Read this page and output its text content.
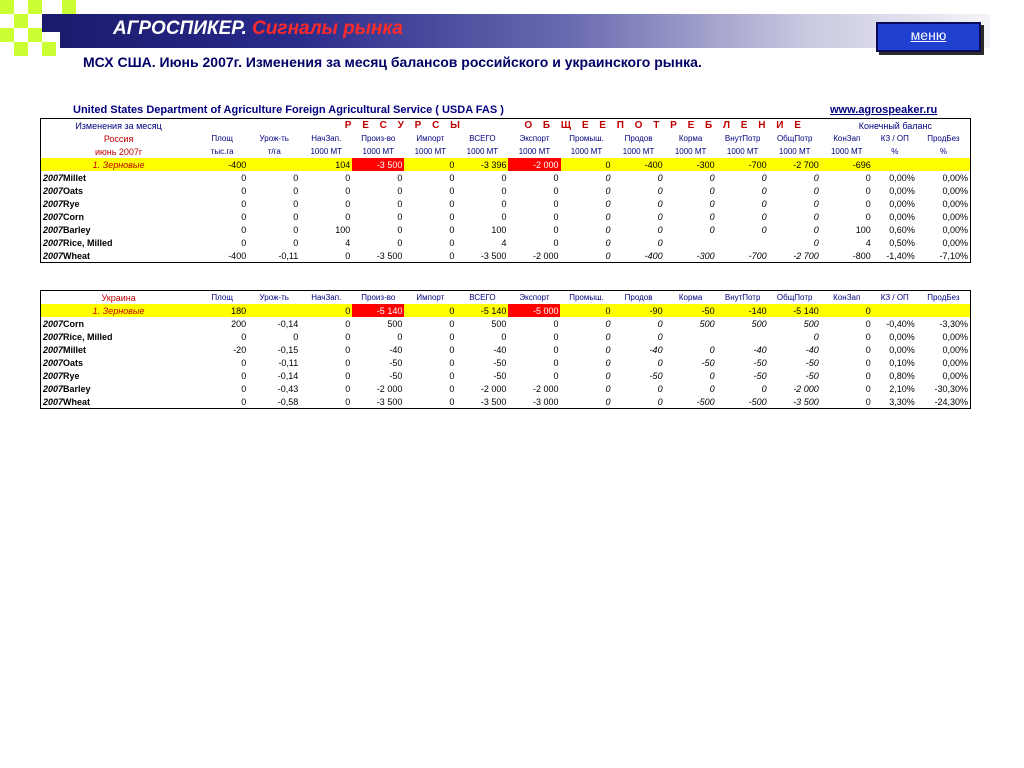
АГРОСПИКЕР. Сигналы рынка	меню
МСХ США. Июнь 2007г. Изменения за месяц балансов российского и украинского рынка.
United States Department of Agriculture Foreign Agricultural Service ( USDA FAS )	www.agrospeaker.ru
Изменения за месяц			Р Е С У Р С Ы				О Б Щ Е Е П О Т Р Е Б Л Е Н И Е						Конечный баланс		
Россия	Площ	Урож-ть	НачЗап.	Произ-во	Импорт	ВСЕГО	Экспорт	Промыш.	Продов	Корма	ВнутПотр	ОбщПотр	КонЗап	КЗ / ОП	ПродБез
июнь 2007г	тыс.га	т/га	1000 МТ	1000 МТ	1000 МТ	1000 МТ	1000 МТ	1000 МТ	1000 МТ	1000 МТ	1000 МТ	1000 МТ	1000 МТ	%	%
1. Зерновые	-400		104	-3 500	0	-3 396	-2 000	0	-400	-300	-700	-2 700	-696		
2007Millet	0	0	0	0	0	0	0	0	0	0	0	0	0	0,00%	0,00%
2007Oats	0	0	0	0	0	0	0	0	0	0	0	0	0	0,00%	0,00%
2007Rye	0	0	0	0	0	0	0	0	0	0	0	0	0	0,00%	0,00%
2007Corn	0	0	0	0	0	0	0	0	0	0	0	0	0	0,00%	0,00%
2007Barley	0	0	100	0	0	100	0	0	0	0	0	0	100	0,60%	0,00%
2007Rice, Milled	0	0	4	0	0	4	0	0	0			0	4	0,50%	0,00%
2007Wheat	-400	-0,11	0	-3 500	0	-3 500	-2 000	0	-400	-300	-700	-2 700	-800	-1,40%	-7,10%
Украина	Площ	Урож-ть	НачЗап.	Произ-во	Импорт	ВСЕГО	Экспорт	Промыш.	Продов	Корма	ВнутПотр	ОбщПотр	КонЗап	КЗ / ОП	ПродБез
1. Зерновые	180		0	-5 140	0	-5 140	-5 000	0	-90	-50	-140	-5 140	0		
2007Corn	200	-0,14	0	500	0	500	0	0	0	500	500	500	0	-0,40%	-3,30%
2007Rice, Milled	0	0	0	0	0	0	0	0	0			0	0	0,00%	0,00%
2007Millet	-20	-0,15	0	-40	0	-40	0	0	-40	0	-40	-40	0	0,00%	0,00%
2007Oats	0	-0,11	0	-50	0	-50	0	0	0	-50	-50	-50	0	0,10%	0,00%
2007Rye	0	-0,14	0	-50	0	-50	0	0	-50	0	-50	-50	0	0,80%	0,00%
2007Barley	0	-0,43	0	-2 000	0	-2 000	-2 000	0	0	0	0	-2 000	0	2,10%	-30,30%
2007Wheat	0	-0,58	0	-3 500	0	-3 500	-3 000	0	0	-500	-500	-3 500	0	3,30%	-24,30%
